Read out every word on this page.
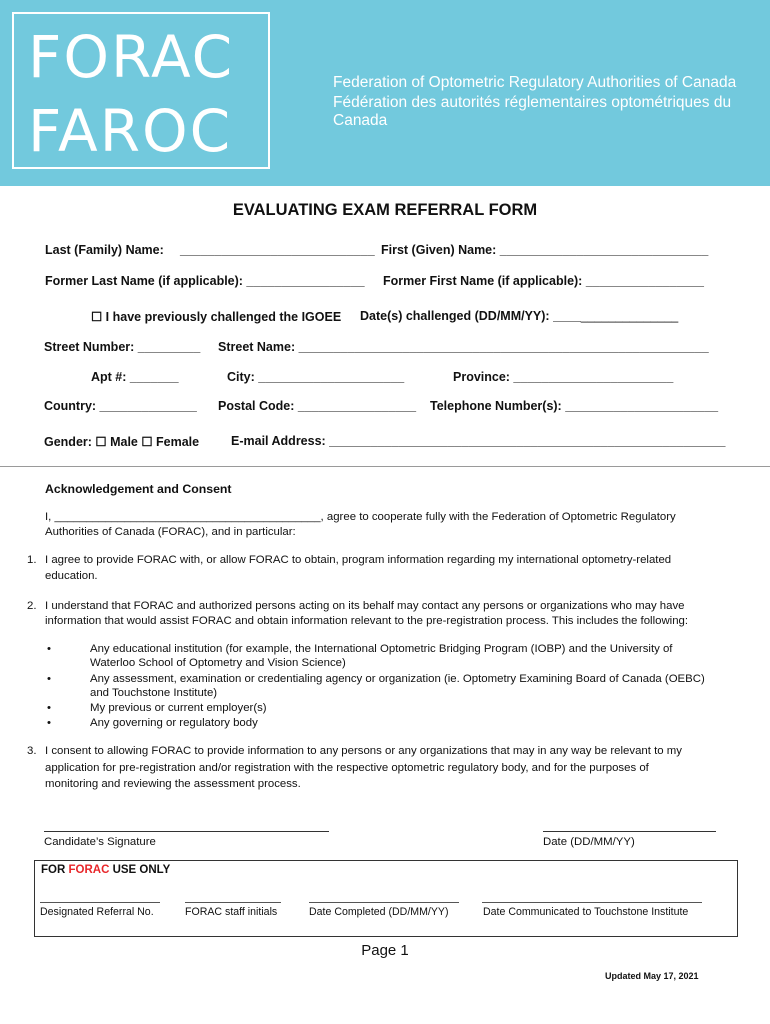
FORAC
FAROC
Federation of Optometric Regulatory Authorities of Canada
Fédération des autorités réglementaires optométriques du Canada
EVALUATING EXAM REFERRAL FORM
Last (Family) Name: ____________________________ First (Given) Name: ______________________________
Former Last Name (if applicable): _________________ Former First Name (if applicable): _________________
☐ I have previously challenged the IGOEE Date(s) challenged (DD/MM/YY): __________________
Street Number: _________ Street Name: ___________________________________________________________
Apt #: _______	City: _____________________	Province: _______________________
Country: ______________ Postal Code: _________________ Telephone Number(s): ______________________
Gender: ☐ Male ☐ Female	E-mail Address: _________________________________________________________
Acknowledgement and Consent
I, __________________________________________, agree to cooperate fully with the Federation of Optometric Regulatory
Authorities of Canada (FORAC), and in particular:
1. I agree to provide FORAC with, or allow FORAC to obtain, program information regarding my international optometry-related
education.
2. I understand that FORAC and authorized persons acting on its behalf may contact any persons or organizations who may have
information that would assist FORAC and obtain information relevant to the pre-registration process. This includes the following:
•	Any educational institution (for example, the International Optometric Bridging Program (IOBP) and the University of
Waterloo School of Optometry and Vision Science)
•	Any assessment, examination or credentialing agency or organization (ie. Optometry Examining Board of Canada (OEBC)
and Touchstone Institute)
•	My previous or current employer(s)
•	Any governing or regulatory body
3. I consent to allowing FORAC to provide information to any persons or any organizations that may in any way be relevant to my
application for pre-registration and/or registration with the respective optometric regulatory body, and for the purposes of
monitoring and reviewing the assessment process.
Candidate’s Signature	Date (DD/MM/YY)
FOR FORAC USE ONLY
Designated Referral No.	FORAC staff initials	Date Completed (DD/MM/YY)	Date Communicated to Touchstone Institute
Page 1
Updated May 17, 2021
